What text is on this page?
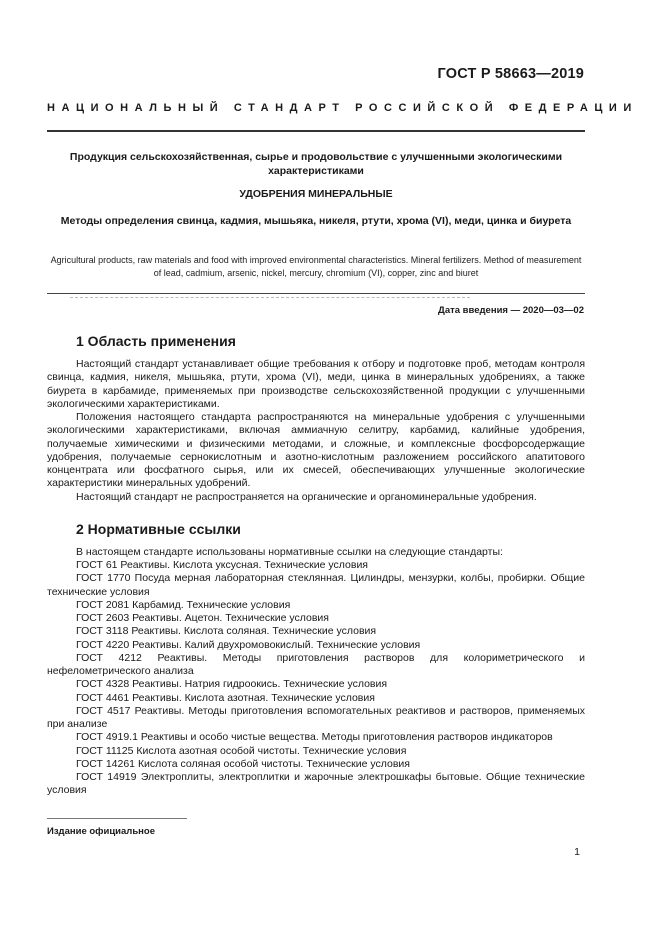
ГОСТ Р 58663—2019
НАЦИОНАЛЬНЫЙ СТАНДАРТ РОССИЙСКОЙ ФЕДЕРАЦИИ
Продукция сельскохозяйственная, сырье и продовольствие с улучшенными экологическими характеристиками
УДОБРЕНИЯ МИНЕРАЛЬНЫЕ
Методы определения свинца, кадмия, мышьяка, никеля, ртути, хрома (VI), меди, цинка и биурета
Agricultural products, raw materials and food with improved environmental characteristics. Mineral fertilizers. Method of measurement of lead, cadmium, arsenic, nickel, mercury, chromium (VI), copper, zinc and biuret
Дата введения — 2020—03—02
1 Область применения

Настоящий стандарт устанавливает общие требования к отбору и подготовке проб, методам контроля свинца, кадмия, никеля, мышьяка, ртути, хрома (VI), меди, цинка в минеральных удобрениях, а также биурета в карбамиде, применяемых при производстве сельскохозяйственной продукции с улучшенными экологическими характеристиками.

Положения настоящего стандарта распространяются на минеральные удобрения с улучшенными экологическими характеристиками, включая аммиачную селитру, карбамид, калийные удобрения, получаемые химическими и физическими методами, и сложные, и комплексные фосфорсодержащие удобрения, получаемые сернокислотным и азотно-кислотным разложением российского апатитового концентрата или фосфатного сырья, или их смесей, обеспечивающих улучшенные экологические характеристики минеральных удобрений.

Настоящий стандарт не распространяется на органические и органоминеральные удобрения.

2 Нормативные ссылки

В настоящем стандарте использованы нормативные ссылки на следующие стандарты:

ГОСТ 61 Реактивы. Кислота уксусная. Технические условия
ГОСТ 1770 Посуда мерная лабораторная стеклянная. Цилиндры, мензурки, колбы, пробирки. Общие технические условия
ГОСТ 2081 Карбамид. Технические условия
ГОСТ 2603 Реактивы. Ацетон. Технические условия
ГОСТ 3118 Реактивы. Кислота соляная. Технические условия
ГОСТ 4220 Реактивы. Калий двухромовокислый. Технические условия
ГОСТ 4212 Реактивы. Методы приготовления растворов для колориметрического и нефелометрического анализа
ГОСТ 4328 Реактивы. Натрия гидроокись. Технические условия
ГОСТ 4461 Реактивы. Кислота азотная. Технические условия
ГОСТ 4517 Реактивы. Методы приготовления вспомогательных реактивов и растворов, применяемых при анализе
ГОСТ 4919.1 Реактивы и особо чистые вещества. Методы приготовления растворов индикаторов
ГОСТ 11125 Кислота азотная особой чистоты. Технические условия
ГОСТ 14261 Кислота соляная особой чистоты. Технические условия
ГОСТ 14919 Электроплиты, электроплитки и жарочные электрошкафы бытовые. Общие технические условия
Издание официальное
1
